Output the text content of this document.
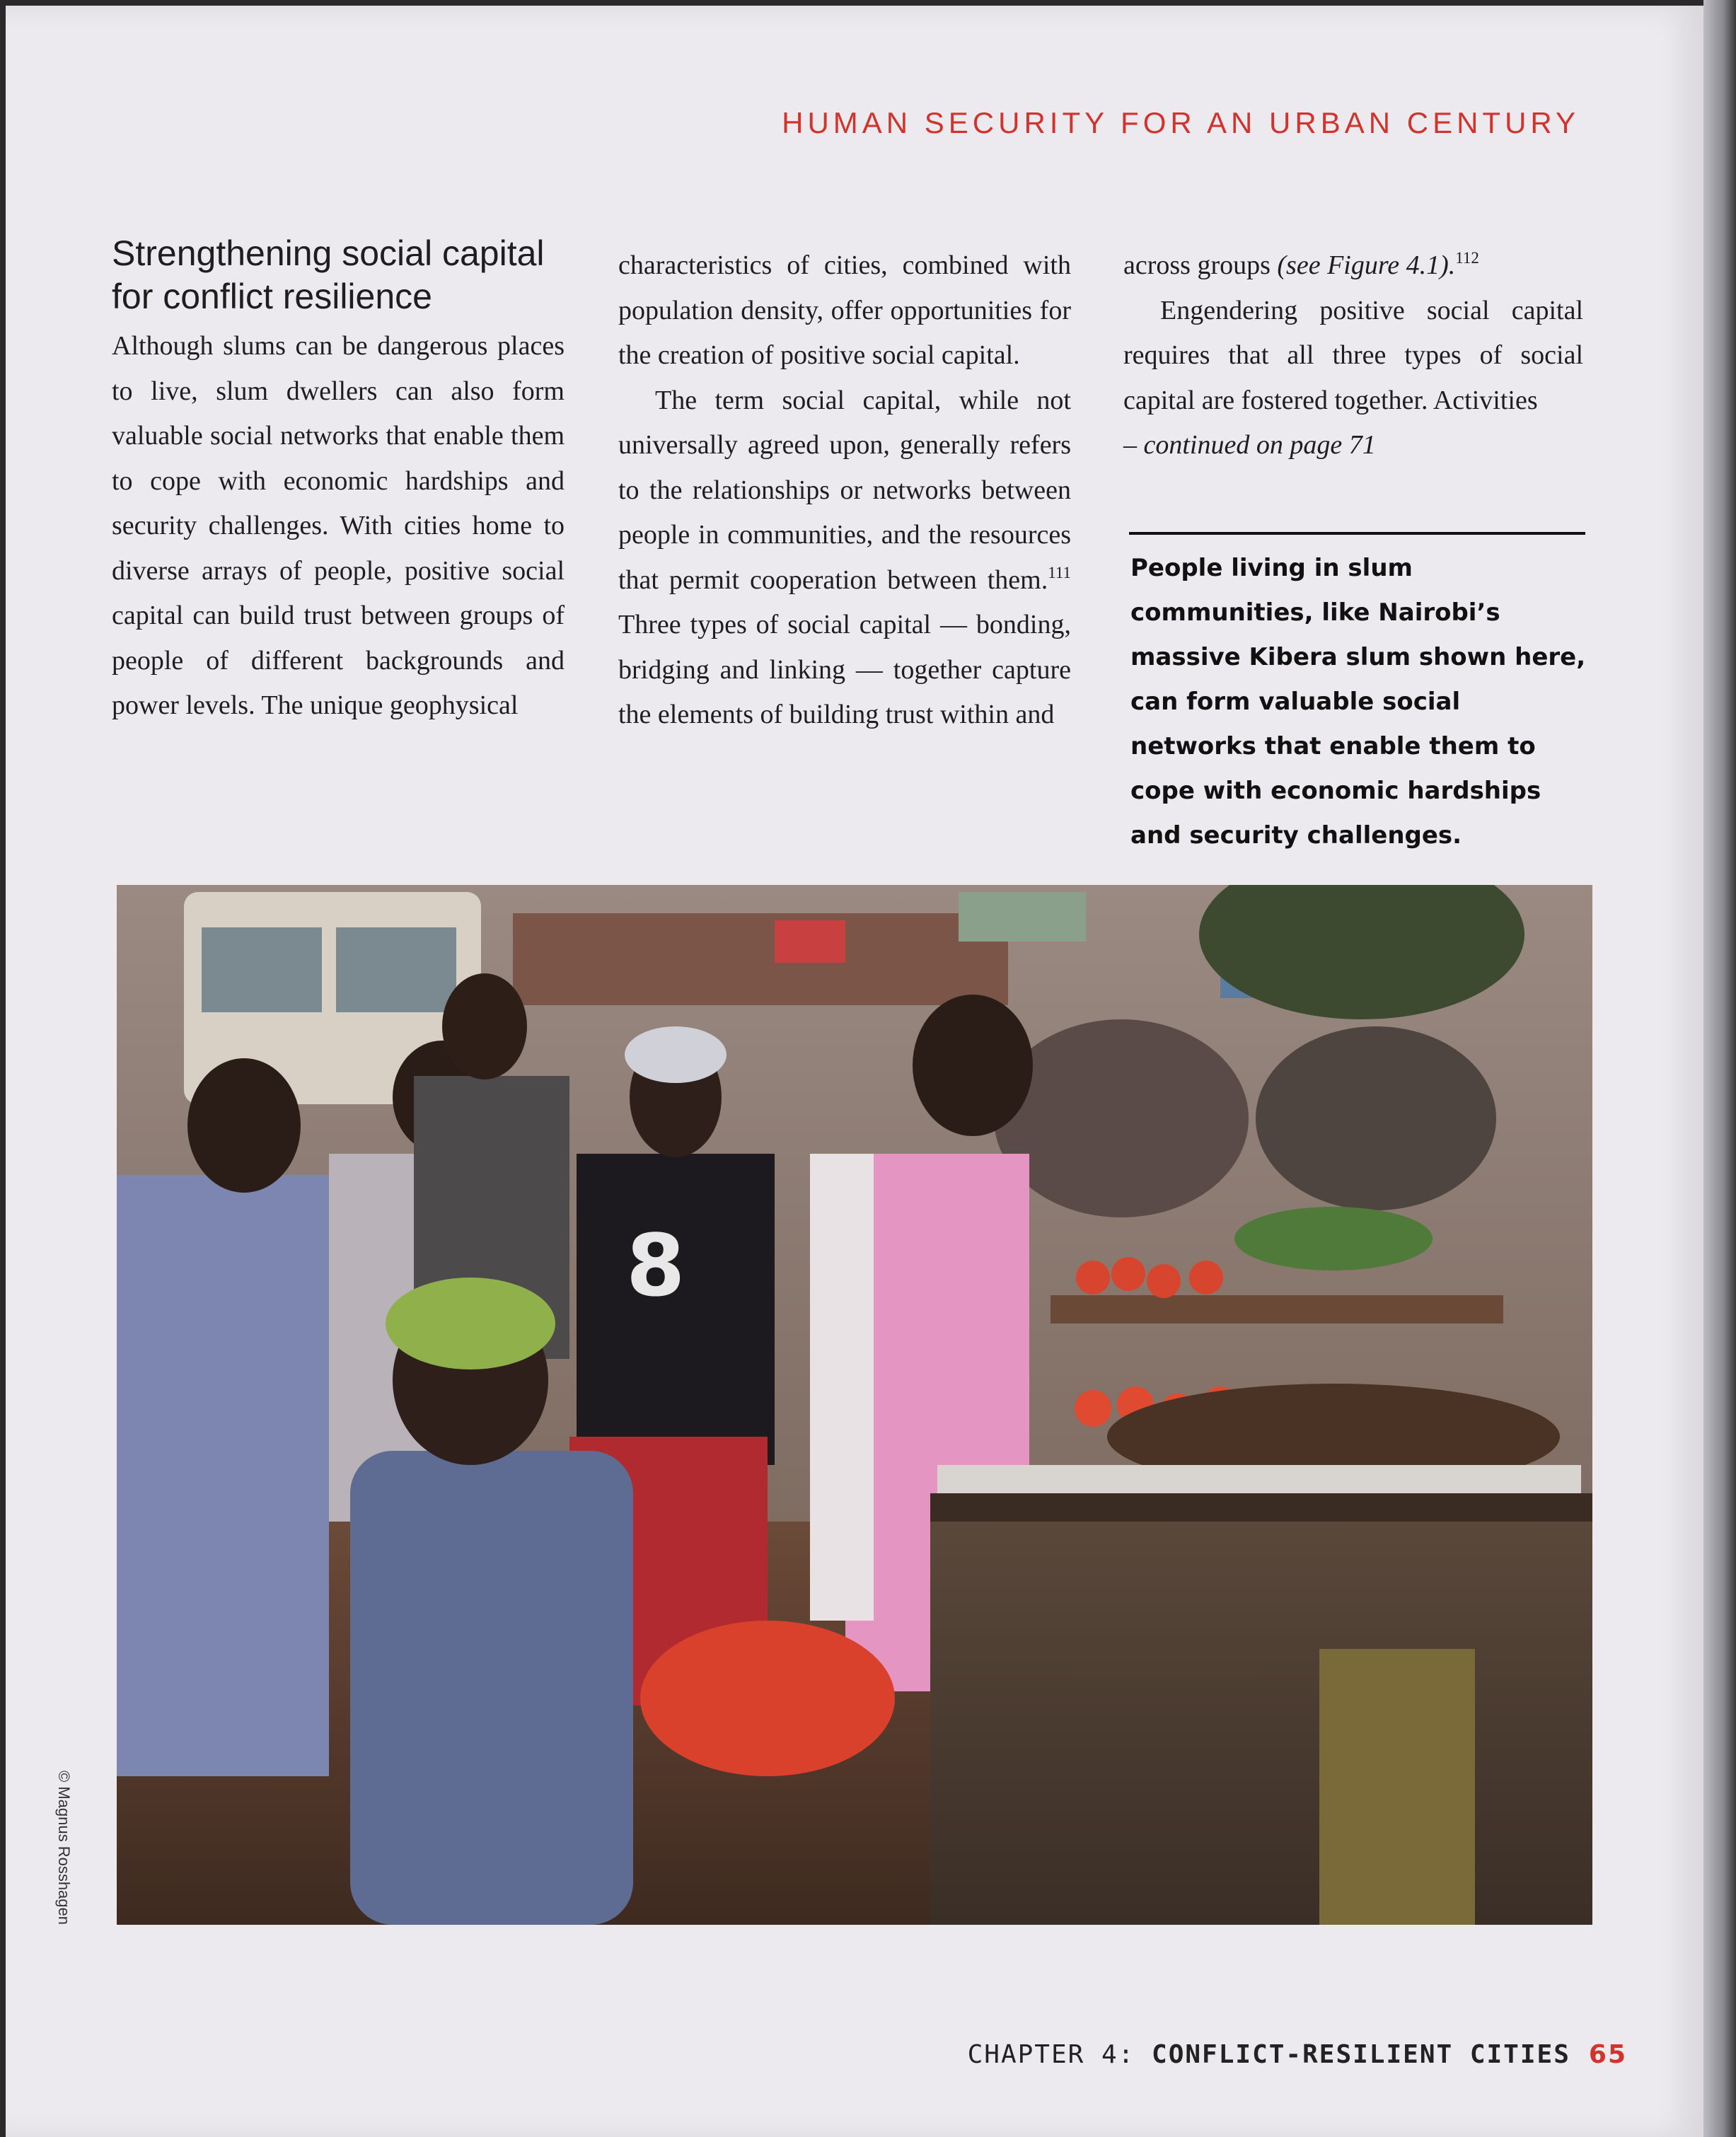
HUMAN SECURITY FOR AN URBAN CENTURY
Strengthening social capital for conflict resilience

Although slums can be dangerous places to live, slum dwellers can also form valuable social networks that enable them to cope with economic hardships and security challenges. With cities home to diverse arrays of people, positive social capital can build trust between groups of people of different backgrounds and power levels. The unique geophysical

characteristics of cities, combined with population density, offer opportunities for the creation of positive social capital.

The term social capital, while not universally agreed upon, generally refers to the relationships or networks between people in communities, and the resources that permit cooperation between them.$^{111}$ Three types of social capital — bonding, bridging and linking — together capture the elements of building trust within and

across groups (see Figure 4.1).$^{112}$

Engendering positive social capital requires that all three types of social capital are fostered together. Activities

– continued on page 71

People living in slum communities, like Nairobi’s massive Kibera slum shown here, can form valuable social networks that enable them to cope with economic hardships and security challenges.
8
© Magnus Rosshagen
CHAPTER 4: CONFLICT-RESILIENT CITIES 65
